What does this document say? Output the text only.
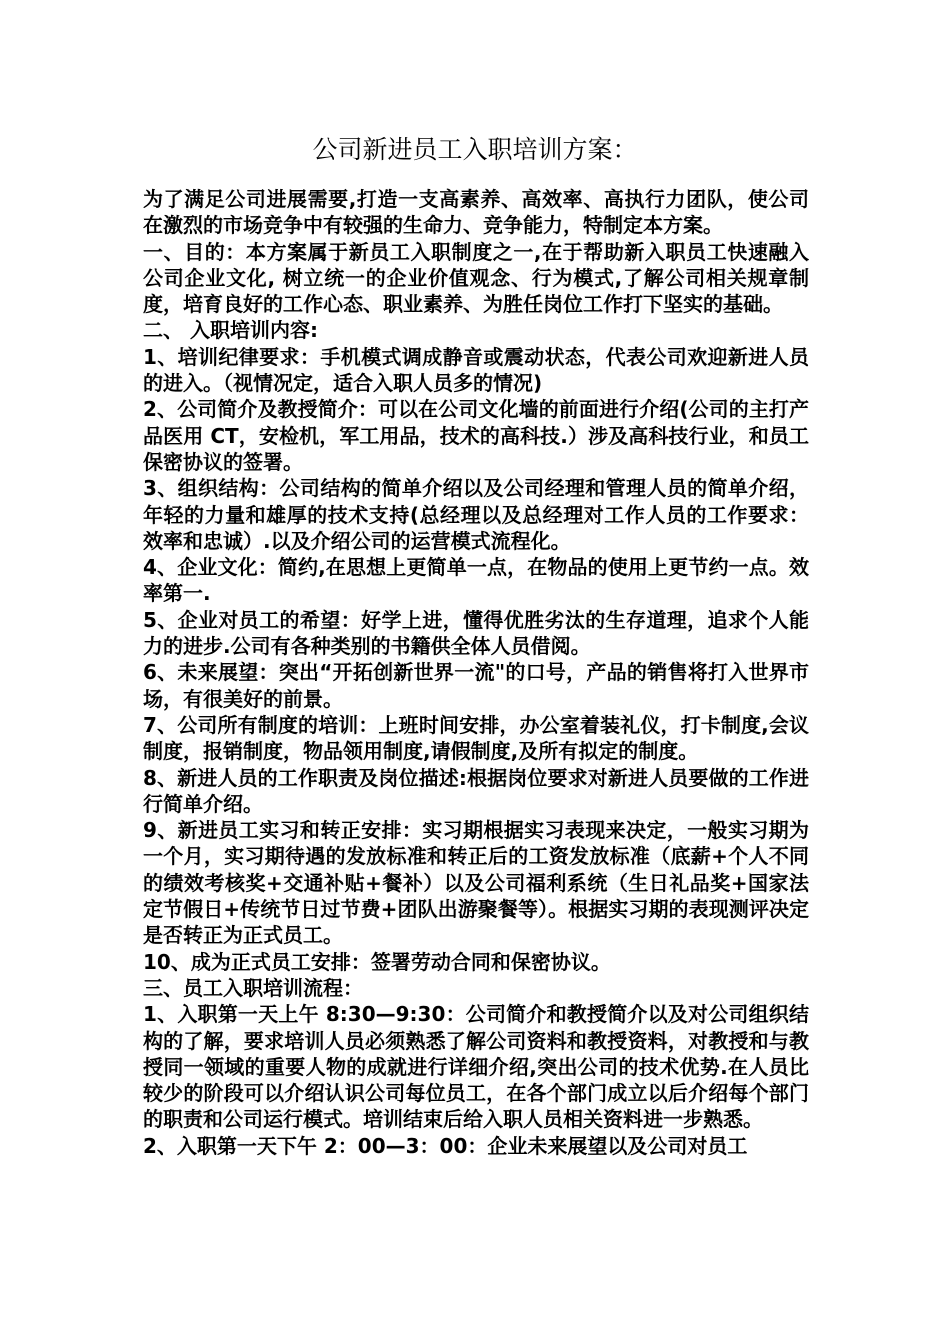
公司新进员工入职培训方案：

为了满足公司进展需要,打造一支高素养、高效率、高执行力团队，使公司在激烈的市场竞争中有较强的生命力、竞争能力，特制定本方案。

一、目的：本方案属于新员工入职制度之一,在于帮助新入职员工快速融入公司企业文化, 树立统一的企业价值观念、行为模式,了解公司相关规章制度，培育良好的工作心态、职业素养、为胜任岗位工作打下坚实的基础。

二、 入职培训内容:

1、培训纪律要求：手机模式调成静音或震动状态，代表公司欢迎新进人员的进入。（视情况定，适合入职人员多的情况)

2、公司简介及教授简介：可以在公司文化墙的前面进行介绍(公司的主打产品医用 CT，安检机，军工用品，技术的高科技.）涉及高科技行业，和员工保密协议的签署。

3、组织结构：公司结构的简单介绍以及公司经理和管理人员的简单介绍，年轻的力量和雄厚的技术支持(总经理以及总经理对工作人员的工作要求：效率和忠诚）.以及介绍公司的运营模式流程化。

4、企业文化：简约,在思想上更简单一点，在物品的使用上更节约一点。效率第一.

5、企业对员工的希望：好学上进，懂得优胜劣汰的生存道理，追求个人能力的进步.公司有各种类别的书籍供全体人员借阅。

6、未来展望：突出“开拓创新世界一流"的口号，产品的销售将打入世界市场，有很美好的前景。

7、公司所有制度的培训：上班时间安排，办公室着装礼仪，打卡制度,会议制度，报销制度，物品领用制度,请假制度,及所有拟定的制度。

8、新进人员的工作职责及岗位描述:根据岗位要求对新进人员要做的工作进行简单介绍。

9、新进员工实习和转正安排：实习期根据实习表现来决定，一般实习期为一个月，实习期待遇的发放标准和转正后的工资发放标准（底薪+个人不同的绩效考核奖+交通补贴+餐补）以及公司福利系统（生日礼品奖+国家法定节假日+传统节日过节费+团队出游聚餐等）。根据实习期的表现测评决定是否转正为正式员工。

10、成为正式员工安排：签署劳动合同和保密协议。

三、员工入职培训流程：

1、入职第一天上午 8:30—9:30：公司简介和教授简介以及对公司组织结构的了解，要求培训人员必须熟悉了解公司资料和教授资料，对教授和与教授同一领域的重要人物的成就进行详细介绍,突出公司的技术优势.在人员比较少的阶段可以介绍认识公司每位员工，在各个部门成立以后介绍每个部门的职责和公司运行模式。培训结束后给入职人员相关资料进一步熟悉。

2、入职第一天下午 2：00—3：00：企业未来展望以及公司对员工
